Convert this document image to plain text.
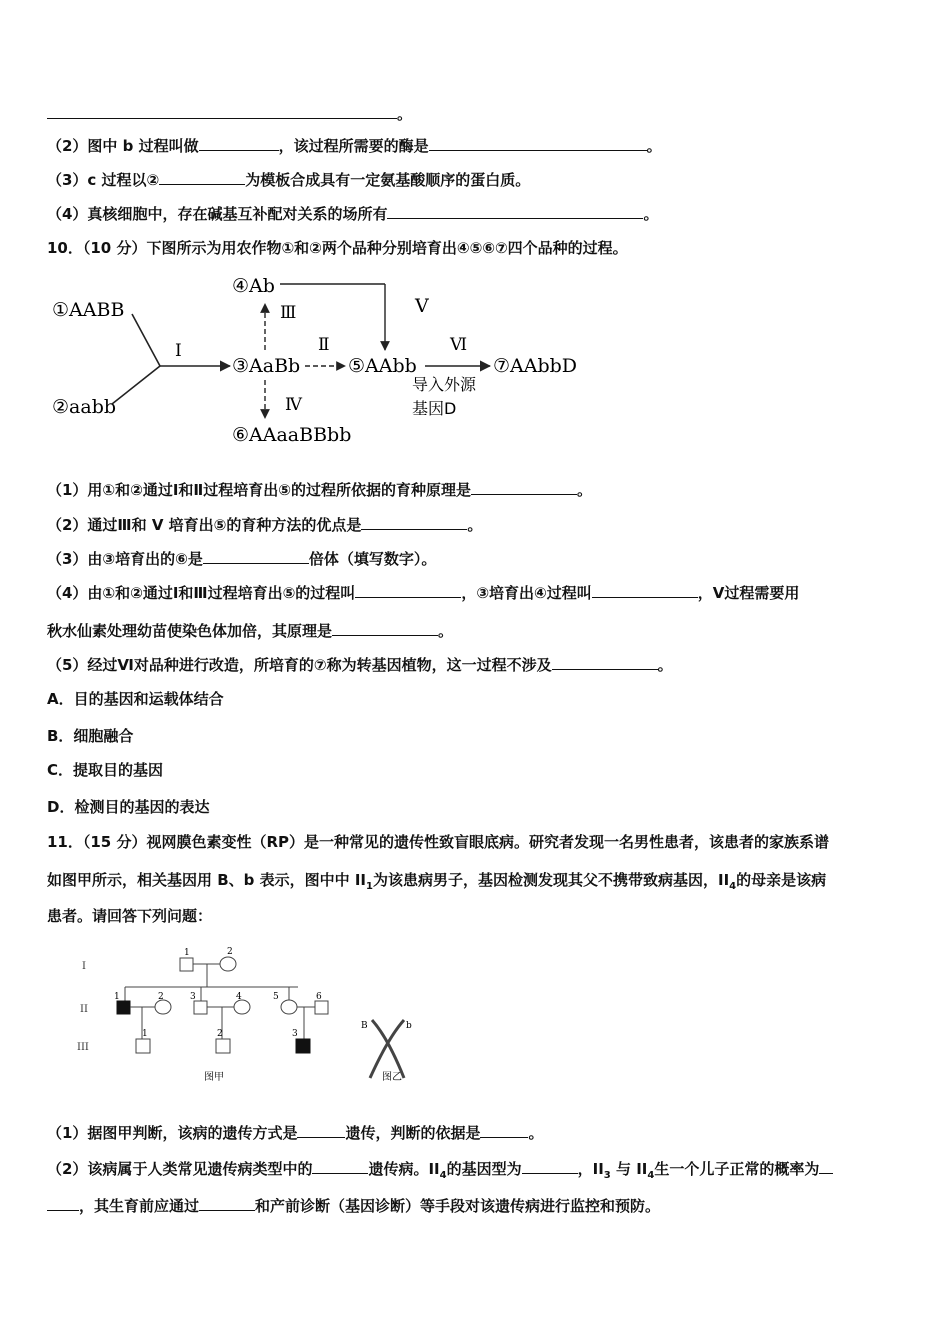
。
（2）图中 b 过程叫做	，该过程所需要的酶是	。
（3）c 过程以②	为模板合成具有一定氨基酸顺序的蛋白质。
（4）真核细胞中，存在碱基互补配对关系的场所有	。
10．（10 分）下图所示为用农作物①和②两个品种分别培育出④⑤⑥⑦四个品种的过程。
①AABB
②aabb
Ⅰ
③AaBb
④Ab
Ⅲ
Ⅳ
⑥AAaaBBbb
Ⅱ
⑤AAbb
Ⅴ
Ⅵ
导入外源
基因D
⑦AAbbD
（1）用①和②通过Ⅰ和Ⅱ过程培育出⑤的过程所依据的育种原理是	。
（2）通过Ⅲ和 V 培育出⑤的育种方法的优点是	。
（3）由③培育出的⑥是	倍体（填写数字）。
（4）由①和②通过Ⅰ和Ⅲ过程培育出⑤的过程叫	，③培育出④过程叫	，Ⅴ过程需要用
秋水仙素处理幼苗使染色体加倍，其原理是	。
（5）经过Ⅵ对品种进行改造，所培育的⑦称为转基因植物，这一过程不涉及	。
A．目的基因和运载体结合
B．细胞融合
C．提取目的基因
D．检测目的基因的表达
11．（15 分）视网膜色素变性（RP）是一种常见的遗传性致盲眼底病。研究者发现一名男性患者，该患者的家族系谱
如图甲所示，相关基因用 B、b 表示，图中中 $II_1$为该患病男子，基因检测发现其父不携带致病基因，$II_4$的母亲是该病
患者。请回答下列问题：
I
II
III
1	2
1	2	3	4	5	6
1	2	3
图甲
B	b
图乙
（1）据图甲判断，该病的遗传方式是	遗传，判断的依据是	。
（2）该病属于人类常见遗传病类型中的	遗传病。$II_4$的基因型为	，$II_3$ 与 $II_4$生一个儿子正常的概率为
，其生育前应通过	和产前诊断（基因诊断）等手段对该遗传病进行监控和预防。
